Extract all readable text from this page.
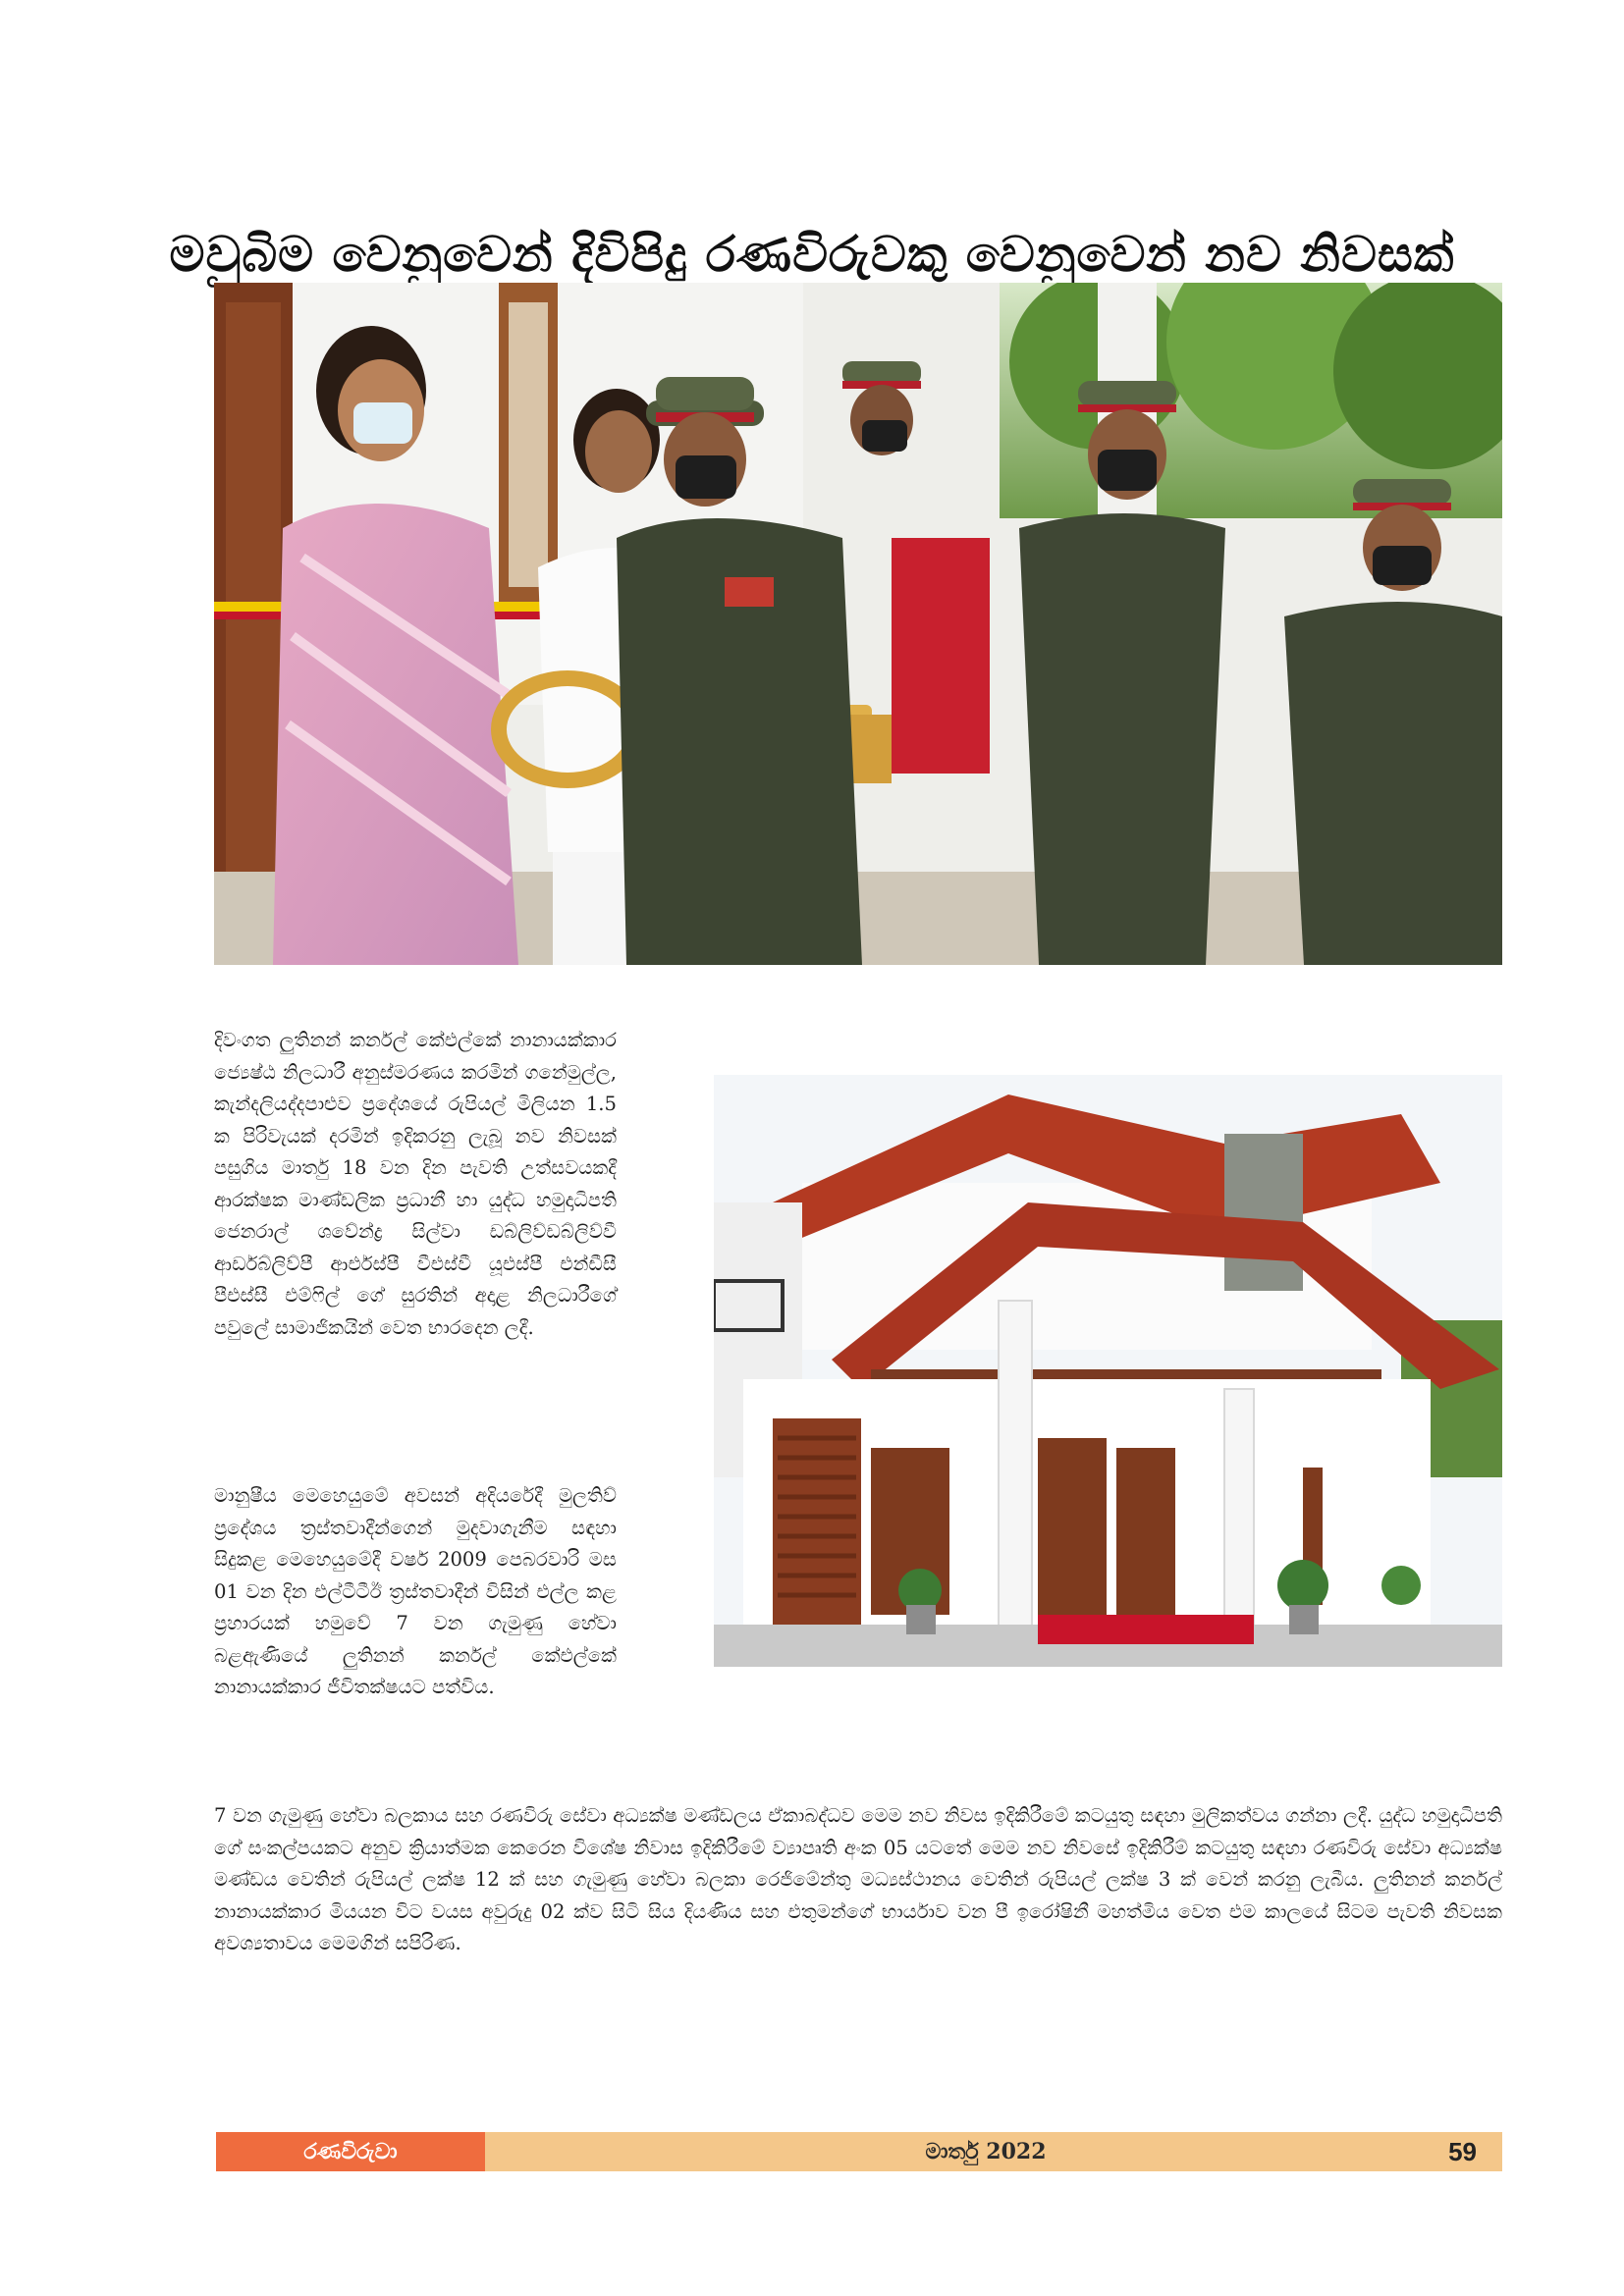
මවුබිම වෙනුවෙන් දිවිපිදු රණවිරුවකු වෙනුවෙන් නව නිවසක්

දිවංගත ලුතිනන් කර්නල් කේඑල්කේ නානායක්කාර ජ්‍යෙෂ්ඨ නිලධාරී අනුස්මරණය කරමින් ගනේමුල්ල, කැන්දලියද්දපාළුව ප්‍රදේශයේ රුපියල් මිලියන 1.5 ක පිරිවැයක් දරමින් ඉදිකරනු ලැබූ නව නිවසක් පසුගිය මාර්තු 18 වන දින පැවති උත්සවයකදී ආරක්ෂක මාණ්ඩලික ප්‍රධානී හා යුද්ධ හමුදාධිපති ජෙනරාල් ශවේන්ද්‍ර සිල්වා ඩබ්ලිව්ඩබ්ලිව්වී ආර්ඩබ්ලිව්පී ආර්එස්පී වීඑස්වී යූඑස්පී එන්ඩීසී පීඑස්සී එම්ෆිල් ගේ සුරතින් අදාළ නිලධාරීගේ පවුලේ සාමාජිකයින් වෙත භාරදෙන ලදී.

මානුෂීය මෙහෙයුමේ අවසන් අදියරේදී මුලතිව් ප්‍රදේශය ත්‍රස්තවාදීන්ගෙන් මුදවාගැනීම සඳහා සිදුකළ මෙහෙයුමේදී වර්ෂ 2009 පෙබරවාරි මස 01 වන දින එල්ටීටීඊ ත්‍රස්තවාදීන් විසින් එල්ල කළ ප්‍රහාරයක් හමුවේ 7 වන ගැමුණු හේවා බළඇණියේ ලුතිනන් කර්නල් කේඑල්කේ නානායක්කාර ජීවිතක්ෂයට පත්විය.

7 වන ගැමුණු හේවා බලකාය සහ රණවිරු සේවා අධ්‍යක්ෂ මණ්ඩලය ඒකාබද්ධව මෙම නව නිවස ඉදිකිරීමේ කටයුතු සඳහා මුලිකත්වය ගන්නා ලදී. යුද්ධ හමුදාධිපති ගේ සංකල්පයකට අනුව ක්‍රියාත්මක කෙරෙන විශේෂ නිවාස ඉදිකිරීමේ ව්‍යාපෘති අංක 05 යටතේ මෙම නව නිවසේ ඉදිකිරීම් කටයුතු සඳහා රණවිරු සේවා අධ්‍යක්ෂ මණ්ඩය වෙතින් රුපියල් ලක්ෂ 12 ක් සහ ගැමුණු හේවා බලකා රෙජිමේන්තු මධ්‍යස්ථානය වෙතින් රුපියල් ලක්ෂ 3 ක් වෙන් කරනු ලැබීය. ලුතිනන් කර්නල් නානායක්කාර මියයන විට වයස අවුරුදු 02 ක්ව සිටි සිය දියණිය සහ එතුමන්ගේ භාර්යාව වන පී ඉරෝෂිනී මහත්මිය වෙත එම කාලයේ සිටම පැවති නිවසක අවශ්‍යතාවය මෙමගින් සපිරිණ.

රණවිරුවා	මාර්තු 2022	59
